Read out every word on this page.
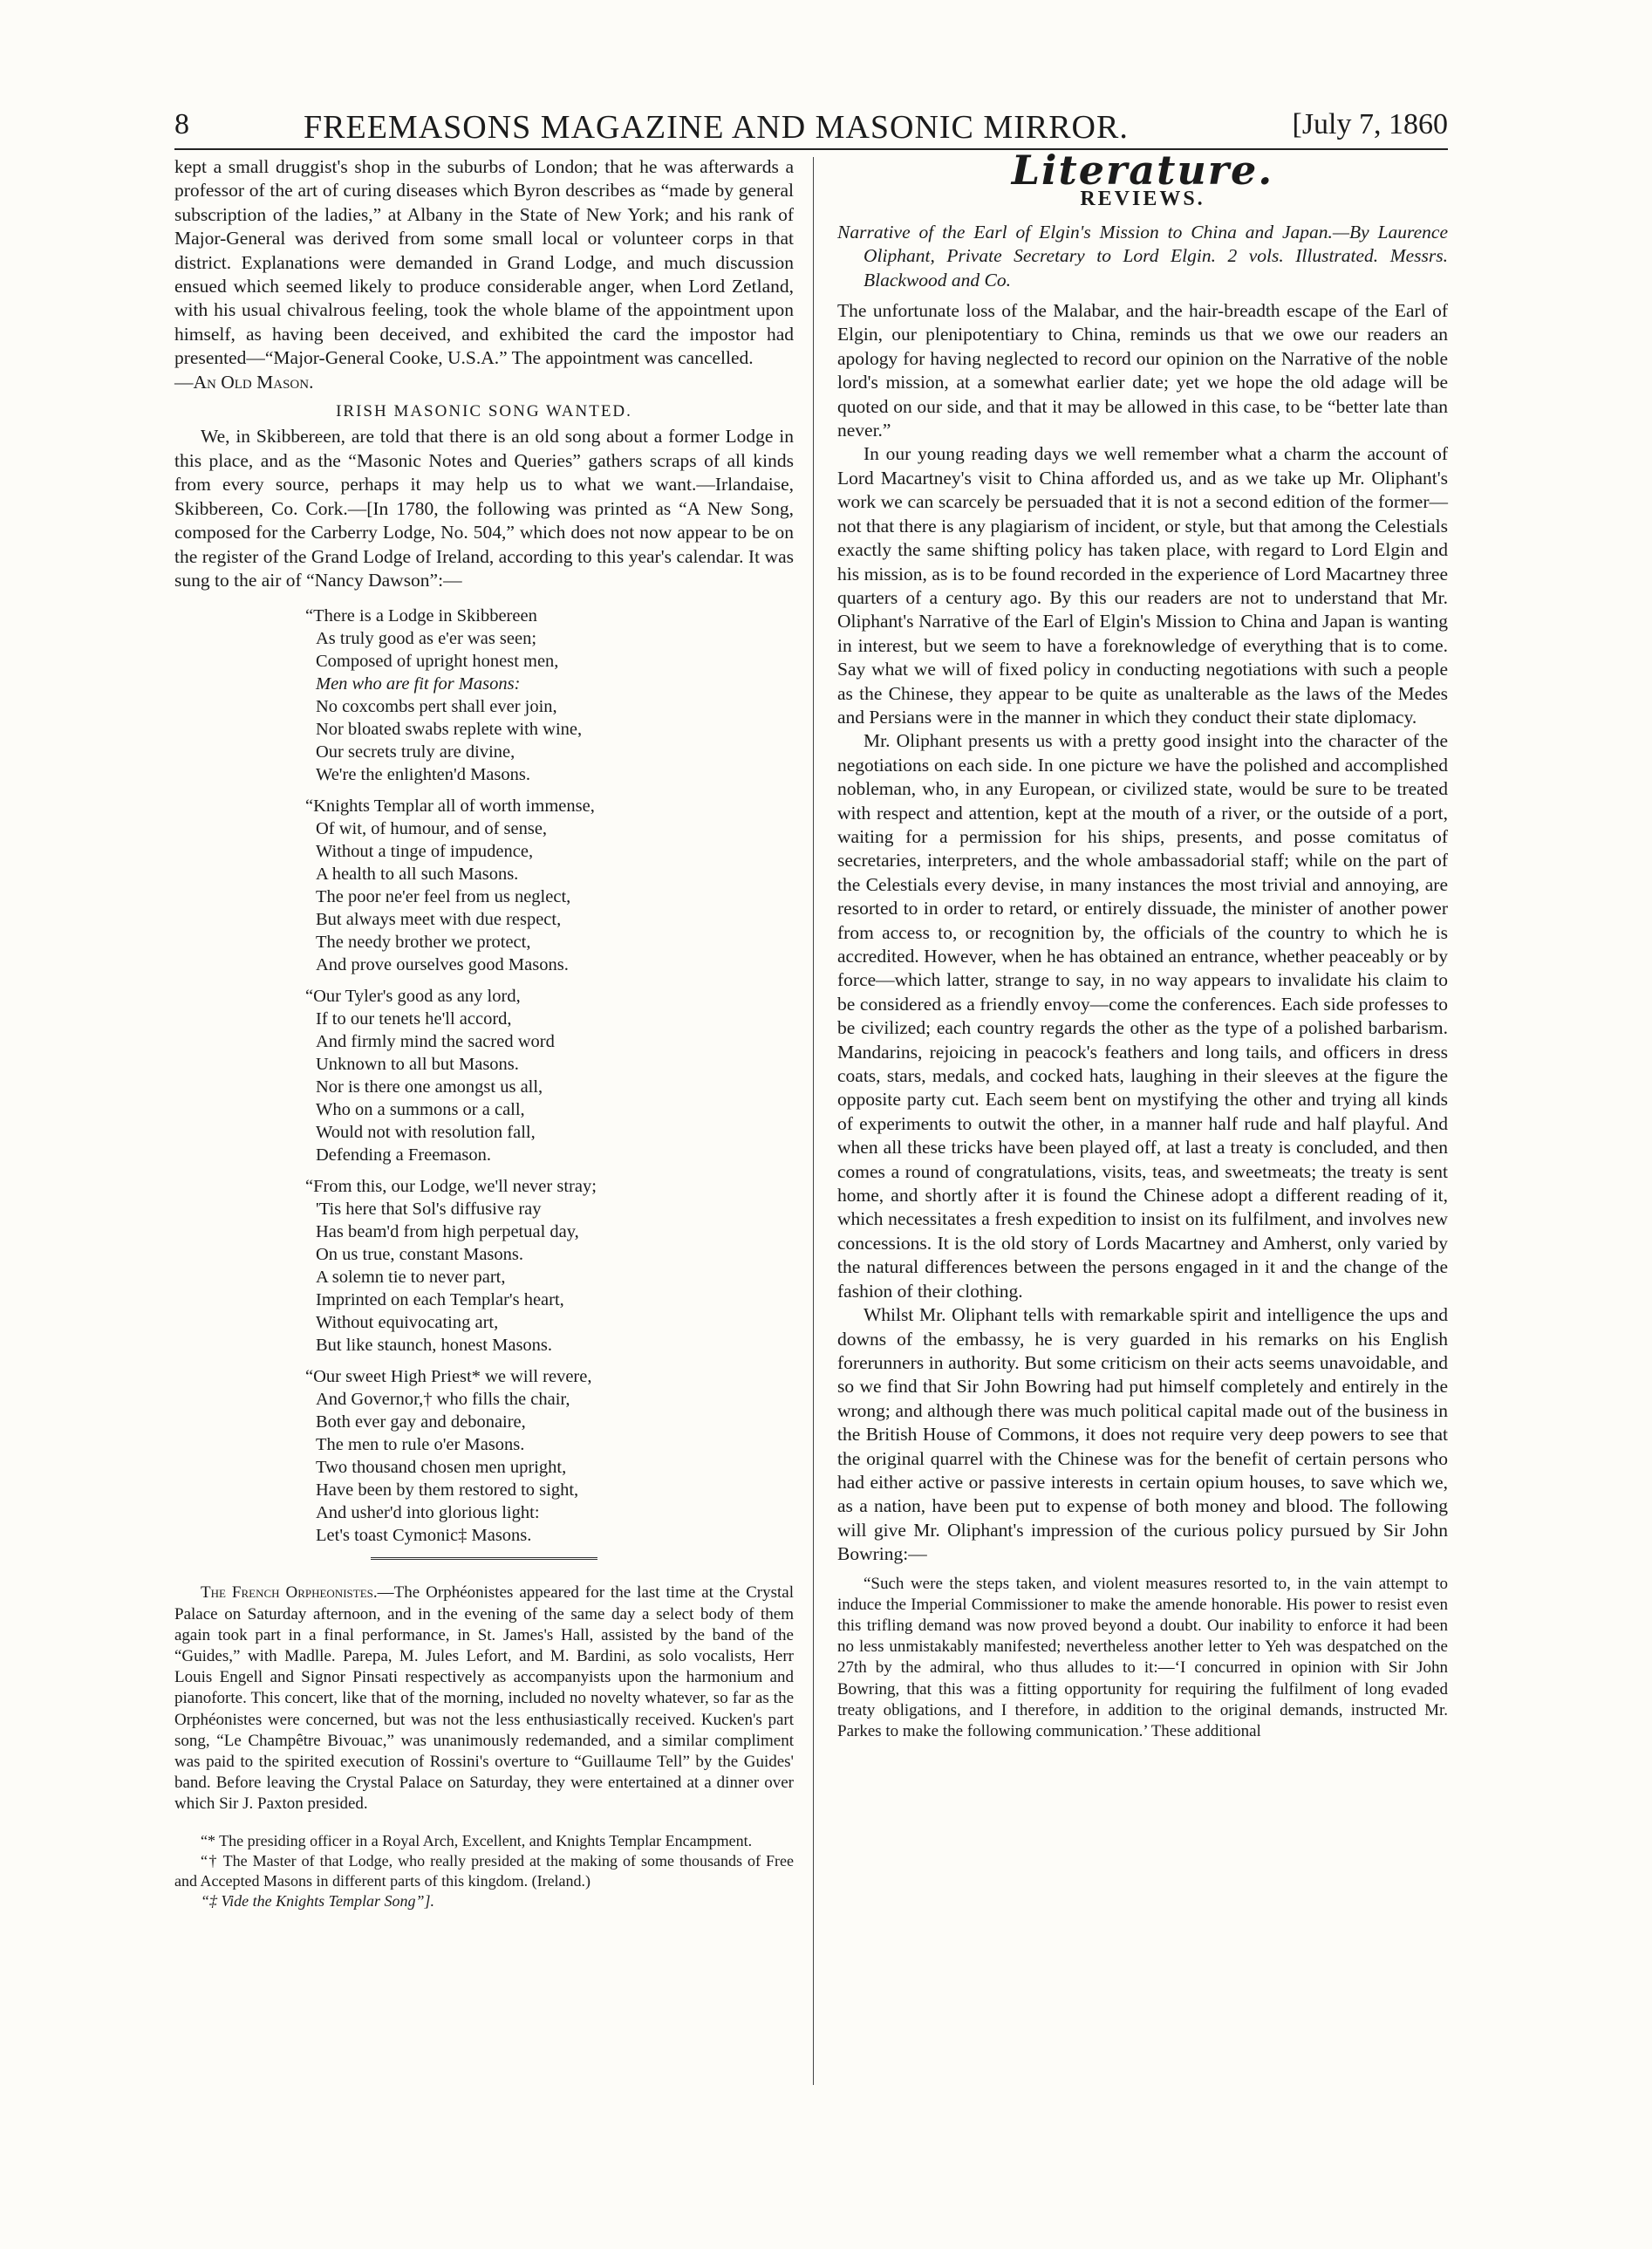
8	FREEMASONS MAGAZINE AND MASONIC MIRROR.	[July 7, 1860

kept a small druggist's shop in the suburbs of London; that he was afterwards a professor of the art of curing diseases which Byron describes as “made by general subscription of the ladies,” at Albany in the State of New York; and his rank of Major-General was derived from some small local or volunteer corps in that district. Explanations were demanded in Grand Lodge, and much discussion ensued which seemed likely to produce considerable anger, when Lord Zetland, with his usual chivalrous feeling, took the whole blame of the appointment upon himself, as having been deceived, and exhibited the card the impostor had presented—“Major-General Cooke, U.S.A.” The appointment was cancelled.

—An Old Mason.

IRISH MASONIC SONG WANTED.

We, in Skibbereen, are told that there is an old song about a former Lodge in this place, and as the “Masonic Notes and Queries” gathers scraps of all kinds from every source, perhaps it may help us to what we want.—Irlandaise, Skibbereen, Co. Cork.—[In 1780, the following was printed as “A New Song, composed for the Carberry Lodge, No. 504,” which does not now appear to be on the register of the Grand Lodge of Ireland, according to this year's calendar. It was sung to the air of “Nancy Dawson”:—

“There is a Lodge in Skibbereen
As truly good as e'er was seen;
Composed of upright honest men,
Men who are fit for Masons:
No coxcombs pert shall ever join,
Nor bloated swabs replete with wine,
Our secrets truly are divine,
We're the enlighten'd Masons.
“Knights Templar all of worth immense,
Of wit, of humour, and of sense,
Without a tinge of impudence,
A health to all such Masons.
The poor ne'er feel from us neglect,
But always meet with due respect,
The needy brother we protect,
And prove ourselves good Masons.
“Our Tyler's good as any lord,
If to our tenets he'll accord,
And firmly mind the sacred word
Unknown to all but Masons.
Nor is there one amongst us all,
Who on a summons or a call,
Would not with resolution fall,
Defending a Freemason.
“From this, our Lodge, we'll never stray;
'Tis here that Sol's diffusive ray
Has beam'd from high perpetual day,
On us true, constant Masons.
A solemn tie to never part,
Imprinted on each Templar's heart,
Without equivocating art,
But like staunch, honest Masons.
“Our sweet High Priest* we will revere,
And Governor,† who fills the chair,
Both ever gay and debonaire,
The men to rule o'er Masons.
Two thousand chosen men upright,
Have been by them restored to sight,
And usher'd into glorious light:
Let's toast Cymonic‡ Masons.

The French Orpheonistes.—The Orphéonistes appeared for the last time at the Crystal Palace on Saturday afternoon, and in the evening of the same day a select body of them again took part in a final performance, in St. James's Hall, assisted by the band of the “Guides,” with Madlle. Parepa, M. Jules Lefort, and M. Bardini, as solo vocalists, Herr Louis Engell and Signor Pinsati respectively as accompanyists upon the harmonium and pianoforte. This concert, like that of the morning, included no novelty whatever, so far as the Orphéonistes were concerned, but was not the less enthusiastically received. Kucken's part song, “Le Champêtre Bivouac,” was unanimously redemanded, and a similar compliment was paid to the spirited execution of Rossini's overture to “Guillaume Tell” by the Guides' band. Before leaving the Crystal Palace on Saturday, they were entertained at a dinner over which Sir J. Paxton presided.

“* The presiding officer in a Royal Arch, Excellent, and Knights Templar Encampment.

“† The Master of that Lodge, who really presided at the making of some thousands of Free and Accepted Masons in different parts of this kingdom. (Ireland.)

“‡ Vide the Knights Templar Song”].

Literature.
REVIEWS.
Narrative of the Earl of Elgin's Mission to China and Japan.—By Laurence Oliphant, Private Secretary to Lord Elgin. 2 vols. Illustrated. Messrs. Blackwood and Co.

The unfortunate loss of the Malabar, and the hair-breadth escape of the Earl of Elgin, our plenipotentiary to China, reminds us that we owe our readers an apology for having neglected to record our opinion on the Narrative of the noble lord's mission, at a somewhat earlier date; yet we hope the old adage will be quoted on our side, and that it may be allowed in this case, to be “better late than never.”

In our young reading days we well remember what a charm the account of Lord Macartney's visit to China afforded us, and as we take up Mr. Oliphant's work we can scarcely be persuaded that it is not a second edition of the former—not that there is any plagiarism of incident, or style, but that among the Celestials exactly the same shifting policy has taken place, with regard to Lord Elgin and his mission, as is to be found recorded in the experience of Lord Macartney three quarters of a century ago. By this our readers are not to understand that Mr. Oliphant's Narrative of the Earl of Elgin's Mission to China and Japan is wanting in interest, but we seem to have a foreknowledge of everything that is to come. Say what we will of fixed policy in conducting negotiations with such a people as the Chinese, they appear to be quite as unalterable as the laws of the Medes and Persians were in the manner in which they conduct their state diplomacy.

Mr. Oliphant presents us with a pretty good insight into the character of the negotiations on each side. In one picture we have the polished and accomplished nobleman, who, in any European, or civilized state, would be sure to be treated with respect and attention, kept at the mouth of a river, or the outside of a port, waiting for a permission for his ships, presents, and posse comitatus of secretaries, interpreters, and the whole ambassadorial staff; while on the part of the Celestials every devise, in many instances the most trivial and annoying, are resorted to in order to retard, or entirely dissuade, the minister of another power from access to, or recognition by, the officials of the country to which he is accredited. However, when he has obtained an entrance, whether peaceably or by force—which latter, strange to say, in no way appears to invalidate his claim to be considered as a friendly envoy—come the conferences. Each side professes to be civilized; each country regards the other as the type of a polished barbarism. Mandarins, rejoicing in peacock's feathers and long tails, and officers in dress coats, stars, medals, and cocked hats, laughing in their sleeves at the figure the opposite party cut. Each seem bent on mystifying the other and trying all kinds of experiments to outwit the other, in a manner half rude and half playful. And when all these tricks have been played off, at last a treaty is concluded, and then comes a round of congratulations, visits, teas, and sweetmeats; the treaty is sent home, and shortly after it is found the Chinese adopt a different reading of it, which necessitates a fresh expedition to insist on its fulfilment, and involves new concessions. It is the old story of Lords Macartney and Amherst, only varied by the natural differences between the persons engaged in it and the change of the fashion of their clothing.

Whilst Mr. Oliphant tells with remarkable spirit and intelligence the ups and downs of the embassy, he is very guarded in his remarks on his English forerunners in authority. But some criticism on their acts seems unavoidable, and so we find that Sir John Bowring had put himself completely and entirely in the wrong; and although there was much political capital made out of the business in the British House of Commons, it does not require very deep powers to see that the original quarrel with the Chinese was for the benefit of certain persons who had either active or passive interests in certain opium houses, to save which we, as a nation, have been put to expense of both money and blood. The following will give Mr. Oliphant's impression of the curious policy pursued by Sir John Bowring:—

“Such were the steps taken, and violent measures resorted to, in the vain attempt to induce the Imperial Commissioner to make the amende honorable. His power to resist even this trifling demand was now proved beyond a doubt. Our inability to enforce it had been no less unmistakably manifested; nevertheless another letter to Yeh was despatched on the 27th by the admiral, who thus alludes to it:—‘I concurred in opinion with Sir John Bowring, that this was a fitting opportunity for requiring the fulfilment of long evaded treaty obligations, and I therefore, in addition to the original demands, instructed Mr. Parkes to make the following communication.’ These additional
